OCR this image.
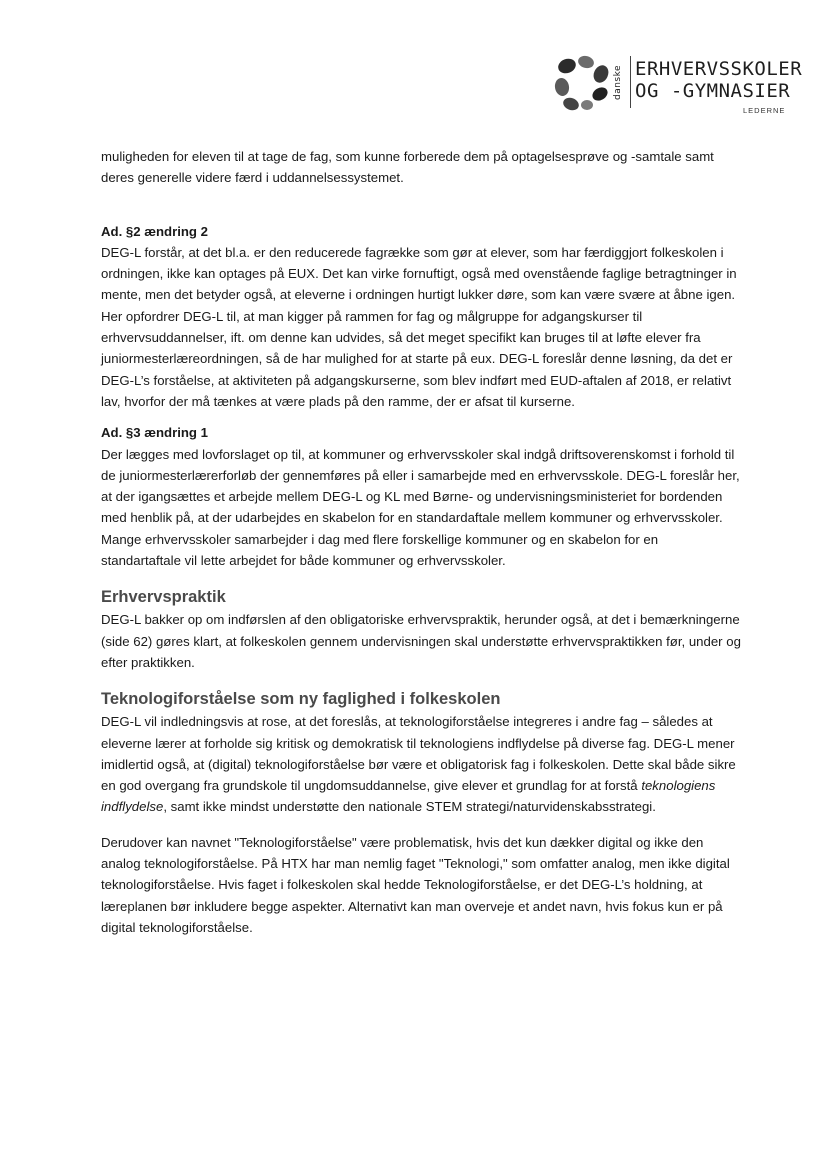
danske ERHVERVSSKOLER
OG -GYMNASIER
LEDERNE

muligheden for eleven til at tage de fag, som kunne forberede dem på optagelsesprøve og -samtale samt deres generelle videre færd i uddannelsessystemet.

Ad. §2 ændring 2

DEG-L forstår, at det bl.a. er den reducerede fagrække som gør at elever, som har færdiggjort folkeskolen i ordningen, ikke kan optages på EUX. Det kan virke fornuftigt, også med ovenstående faglige betragtninger in mente, men det betyder også, at eleverne i ordningen hurtigt lukker døre, som kan være svære at åbne igen. Her opfordrer DEG-L til, at man kigger på rammen for fag og målgruppe for adgangskurser til erhvervsuddannelser, ift. om denne kan udvides, så det meget specifikt kan bruges til at løfte elever fra juniormesterlæreordningen, så de har mulighed for at starte på eux. DEG-L foreslår denne løsning, da det er DEG-L’s forståelse, at aktiviteten på adgangskurserne, som blev indført med EUD-aftalen af 2018, er relativt lav, hvorfor der må tænkes at være plads på den ramme, der er afsat til kurserne.

Ad. §3 ændring 1

Der lægges med lovforslaget op til, at kommuner og erhvervsskoler skal indgå driftsoverenskomst i forhold til de juniormesterlærerforløb der gennemføres på eller i samarbejde med en erhvervsskole. DEG-L foreslår her, at der igangsættes et arbejde mellem DEG-L og KL med Børne- og undervisningsministeriet for bordenden med henblik på, at der udarbejdes en skabelon for en standardaftale mellem kommuner og erhvervsskoler. Mange erhvervsskoler samarbejder i dag med flere forskellige kommuner og en skabelon for en standartaftale vil lette arbejdet for både kommuner og erhvervsskoler.

Erhvervspraktik

DEG-L bakker op om indførslen af den obligatoriske erhvervspraktik, herunder også, at det i bemærkningerne (side 62) gøres klart, at folkeskolen gennem undervisningen skal understøtte erhvervspraktikken før, under og efter praktikken.

Teknologiforståelse som ny faglighed i folkeskolen

DEG-L vil indledningsvis at rose, at det foreslås, at teknologiforståelse integreres i andre fag – således at eleverne lærer at forholde sig kritisk og demokratisk til teknologiens indflydelse på diverse fag. DEG-L mener imidlertid også, at (digital) teknologiforståelse bør være et obligatorisk fag i folkeskolen. Dette skal både sikre en god overgang fra grundskole til ungdomsuddannelse, give elever et grundlag for at forstå teknologiens indflydelse, samt ikke mindst understøtte den nationale STEM strategi/naturvidenskabsstrategi.

Derudover kan navnet "Teknologiforståelse" være problematisk, hvis det kun dækker digital og ikke den analog teknologiforståelse. På HTX har man nemlig faget "Teknologi," som omfatter analog, men ikke digital teknologiforståelse. Hvis faget i folkeskolen skal hedde Teknologiforståelse, er det DEG-L’s holdning, at læreplanen bør inkludere begge aspekter. Alternativt kan man overveje et andet navn, hvis fokus kun er på digital teknologiforståelse.
